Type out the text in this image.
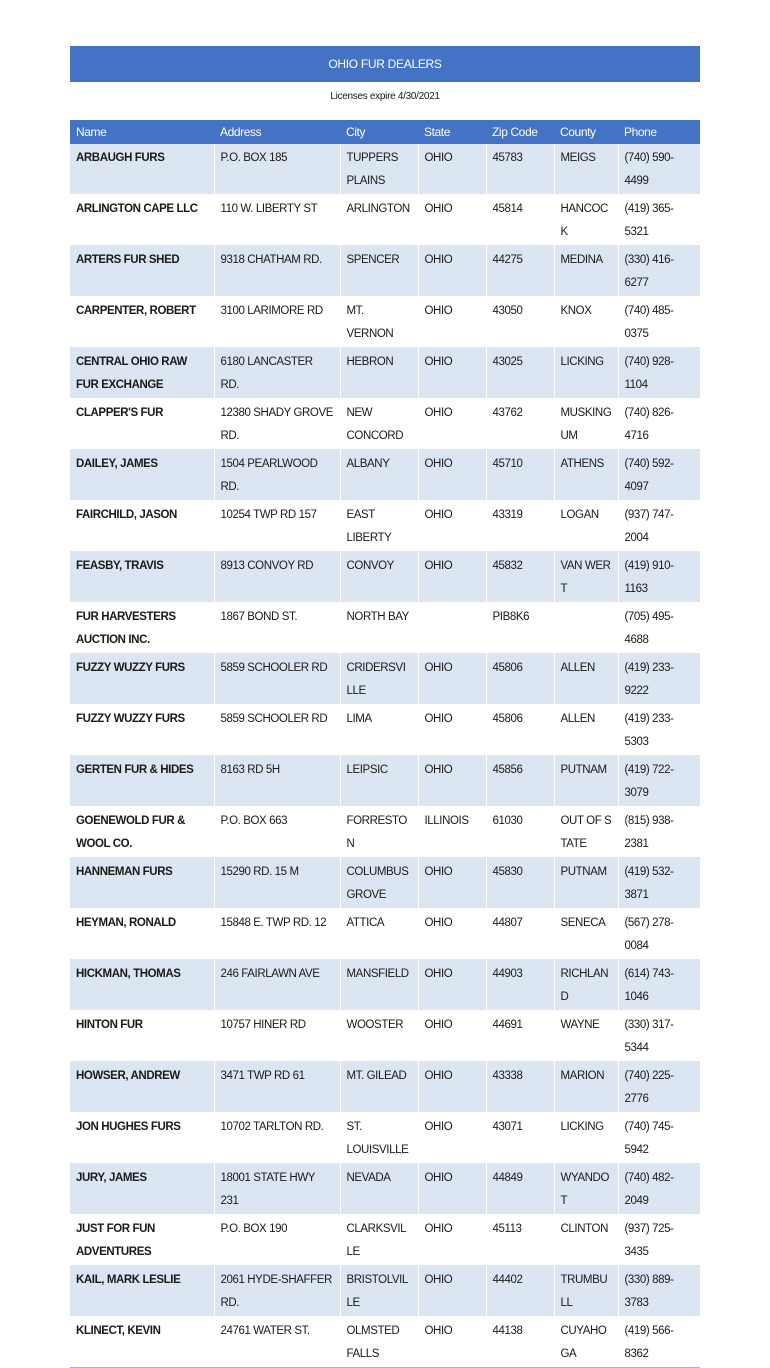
OHIO FUR DEALERS
Licenses expire 4/30/2021
Name	Address	City	State	Zip Code	County	Phone
ARBAUGH FURS	P.O. BOX 185	TUPPERS PLAINS	OHIO	45783	MEIGS	(740) 590-4499
ARLINGTON CAPE LLC	110 W. LIBERTY ST	ARLINGTON	OHIO	45814	HANCOCK	(419) 365-5321
ARTERS FUR SHED	9318 CHATHAM RD.	SPENCER	OHIO	44275	MEDINA	(330) 416-6277
CARPENTER, ROBERT	3100 LARIMORE RD	MT. VERNON	OHIO	43050	KNOX	(740) 485-0375
CENTRAL OHIO RAW FUR EXCHANGE	6180 LANCASTER RD.	HEBRON	OHIO	43025	LICKING	(740) 928-1104
CLAPPER'S FUR	12380 SHADY GROVE RD.	NEW CONCORD	OHIO	43762	MUSKINGUM	(740) 826-4716
DAILEY, JAMES	1504 PEARLWOOD RD.	ALBANY	OHIO	45710	ATHENS	(740) 592-4097
FAIRCHILD, JASON	10254 TWP RD 157	EAST LIBERTY	OHIO	43319	LOGAN	(937) 747-2004
FEASBY, TRAVIS	8913 CONVOY RD	CONVOY	OHIO	45832	VAN WERT	(419) 910-1163
FUR HARVESTERS AUCTION INC.	1867 BOND ST.	NORTH BAY		PIB8K6		(705) 495-4688
FUZZY WUZZY FURS	5859 SCHOOLER RD	CRIDERSVILLE	OHIO	45806	ALLEN	(419) 233-9222
FUZZY WUZZY FURS	5859 SCHOOLER RD	LIMA	OHIO	45806	ALLEN	(419) 233-5303
GERTEN FUR & HIDES	8163 RD 5H	LEIPSIC	OHIO	45856	PUTNAM	(419) 722-3079
GOENEWOLD FUR & WOOL CO.	P.O. BOX 663	FORRESTON	ILLINOIS	61030	OUT OF STATE	(815) 938-2381
HANNEMAN FURS	15290 RD. 15 M	COLUMBUS GROVE	OHIO	45830	PUTNAM	(419) 532-3871
HEYMAN, RONALD	15848 E. TWP RD. 12	ATTICA	OHIO	44807	SENECA	(567) 278-0084
HICKMAN, THOMAS	246 FAIRLAWN AVE	MANSFIELD	OHIO	44903	RICHLAND	(614) 743-1046
HINTON FUR	10757 HINER RD	WOOSTER	OHIO	44691	WAYNE	(330) 317-5344
HOWSER, ANDREW	3471 TWP RD 61	MT. GILEAD	OHIO	43338	MARION	(740) 225-2776
JON HUGHES FURS	10702 TARLTON RD.	ST. LOUISVILLE	OHIO	43071	LICKING	(740) 745-5942
JURY, JAMES	18001 STATE HWY 231	NEVADA	OHIO	44849	WYANDOT	(740) 482-2049
JUST FOR FUN ADVENTURES	P.O. BOX 190	CLARKSVILLE	OHIO	45113	CLINTON	(937) 725-3435
KAIL, MARK LESLIE	2061 HYDE-SHAFFER RD.	BRISTOLVILLE	OHIO	44402	TRUMBULL	(330) 889-3783
KLINECT, KEVIN	24761 WATER ST.	OLMSTED FALLS	OHIO	44138	CUYAHOGA	(419) 566-8362
